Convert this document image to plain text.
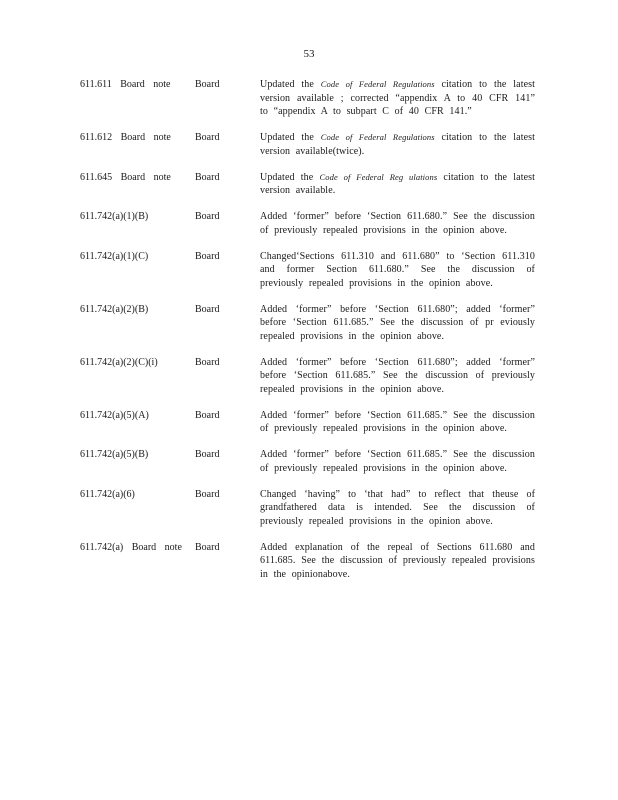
53
611.611 Board note	Board	Updated the Code of Federal Regulations citation to the latest version available ; corrected “appendix A to 40 CFR 141” to “appendix A to subpart C of 40 CFR 141.”
611.612 Board note	Board	Updated the Code of Federal Regulations citation to the latest version available(twice).
611.645 Board note	Board	Updated the Code of Federal Reg ulations citation to the latest version available.
611.742(a)(1)(B)	Board	Added ‘former” before ‘Section 611.680.” See the discussion of previously repealed provisions in the opinion above.
611.742(a)(1)(C)	Board	Changed‘Sections 611.310 and 611.680” to ‘Section 611.310 and former Section 611.680.” See the discussion of previously repealed provisions in the opinion above.
611.742(a)(2)(B)	Board	Added ‘former” before ‘Section 611.680”; added ‘former” before ‘Section 611.685.” See the discussion of pr eviously repealed provisions in the opinion above.
611.742(a)(2)(C)(i)	Board	Added ‘former” before ‘Section 611.680”; added ‘former” before ‘Section 611.685.” See the discussion of previously repealed provisions in the opinion above.
611.742(a)(5)(A)	Board	Added ‘former” before ‘Section 611.685.” See the discussion of previously repealed provisions in the opinion above.
611.742(a)(5)(B)	Board	Added ‘former” before ‘Section 611.685.” See the discussion of previously repealed provisions in the opinion above.
611.742(a)(6)	Board	Changed ‘having” to ‘that had” to reflect that theuse of grandfathered data is intended. See the discussion of previously repealed provisions in the opinion above.
611.742(a) Board note	Board	Added explanation of the repeal of Sections 611.680 and 611.685. See the discussion of previously repealed provisions in the opinionabove.
